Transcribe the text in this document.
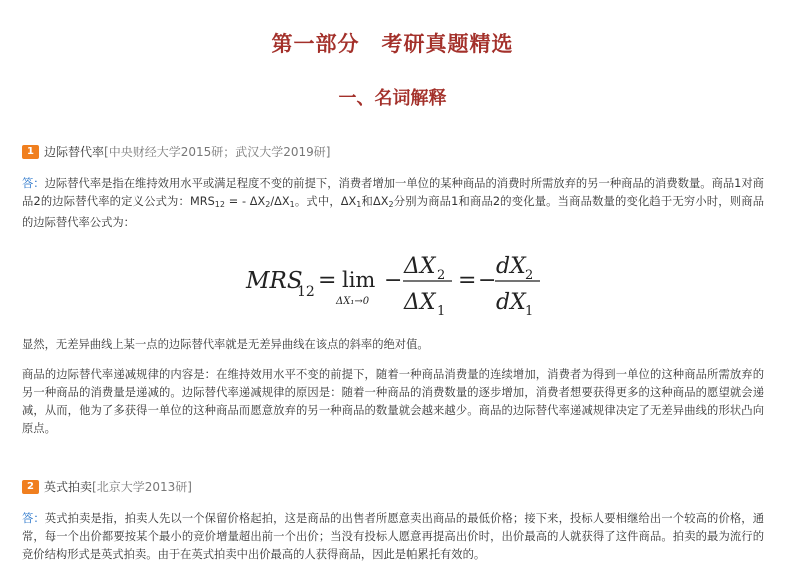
第一部分　考研真题精选
一、名词解释
1 边际替代率 [中央财经大学2015研；武汉大学2019研]

答：边际替代率是指在维持效用水平或满足程度不变的前提下，消费者增加一单位的某种商品的消费时所需放弃的另一种商品的消费数量。商品1对商品2的边际替代率的定义公式为：$MRS_{12}$ = - $\Delta X_2/\Delta X_1$。式中，$\Delta X_1$和$\Delta X_2$分别为商品1和商品2的变化量。当商品数量的变化趋于无穷小时，则商品的边际替代率公式为：

MRS
12 = lim
ΔX₁→0
−
ΔX 2
ΔX 1
= −
dX 2
dX 1

显然，无差异曲线上某一点的边际替代率就是无差异曲线在该点的斜率的绝对值。

商品的边际替代率递减规律的内容是：在维持效用水平不变的前提下，随着一种商品消费量的连续增加，消费者为得到一单位的这种商品所需放弃的另一种商品的消费量是递减的。边际替代率递减规律的原因是：随着一种商品的消费数量的逐步增加，消费者想要获得更多的这种商品的愿望就会递减，从而，他为了多获得一单位的这种商品而愿意放弃的另一种商品的数量就会越来越少。商品的边际替代率递减规律决定了无差异曲线的形状凸向原点。

2 英式拍卖 [北京大学2013研]

答：英式拍卖是指，拍卖人先以一个保留价格起拍，这是商品的出售者所愿意卖出商品的最低价格；接下来，投标人要相继给出一个较高的价格，通常，每一个出价都要按某个最小的竞价增量超出前一个出价；当没有投标人愿意再提高出价时，出价最高的人就获得了这件商品。拍卖的最为流行的竞价结构形式是英式拍卖。由于在英式拍卖中出价最高的人获得商品，因此是帕累托有效的。
